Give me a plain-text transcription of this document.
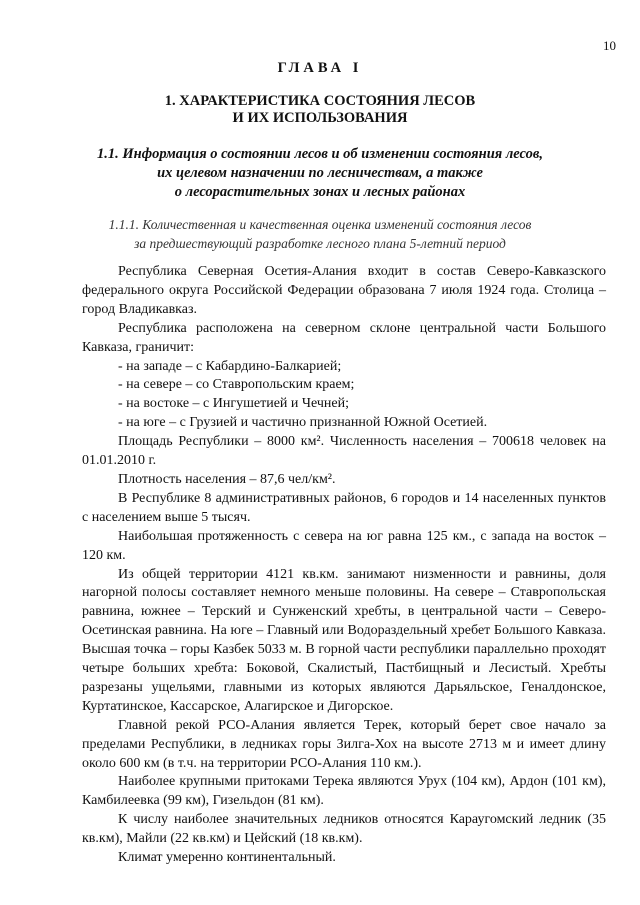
10
ГЛАВА I
1. ХАРАКТЕРИСТИКА СОСТОЯНИЯ ЛЕСОВ
И ИХ ИСПОЛЬЗОВАНИЯ
1.1. Информация о состоянии лесов и об изменении состояния лесов,
их целевом назначении по лесничествам, а также
о лесорастительных зонах и лесных районах
1.1.1. Количественная и качественная оценка изменений состояния лесов
за предшествующий разработке лесного плана 5-летний период

Республика Северная Осетия-Алания входит в состав Северо-Кавказского федерального округа Российской Федерации образована 7 июля 1924 года. Столица – город Владикавказ.

Республика расположена на северном склоне центральной части Большого Кавказа, граничит:

- на западе – с Кабардино-Балкарией;

- на севере – со Ставропольским краем;

- на востоке – с Ингушетией и Чечней;

- на юге – с Грузией и частично признанной Южной Осетией.

Площадь Республики – 8000 км². Численность населения – 700618 человек на 01.01.2010 г.

Плотность населения – 87,6 чел/км².

В Республике 8 административных районов, 6 городов и 14 населенных пунктов с населением выше 5 тысяч.

Наибольшая протяженность с севера на юг равна 125 км., с запада на восток – 120 км.

Из общей территории 4121 кв.км. занимают низменности и равнины, доля нагорной полосы составляет немного меньше половины. На севере – Ставропольская равнина, южнее – Терский и Сунженский хребты, в центральной части – Северо-Осетинская равнина. На юге – Главный или Водораздельный хребет Большого Кавказа. Высшая точка – горы Казбек 5033 м. В горной части республики параллельно проходят четыре больших хребта: Боковой, Скалистый, Пастбищный и Лесистый. Хребты разрезаны ущельями, главными из которых являются Дарьяльское, Геналдонское, Куртатинское, Кассарское, Алагирское и Дигорское.

Главной рекой РСО-Алания является Терек, который берет свое начало за пределами Республики, в ледниках горы Зилга-Хох на высоте 2713 м и имеет длину около 600 км (в т.ч. на территории РСО-Алания 110 км.).

Наиболее крупными притоками Терека являются Урух (104 км), Ардон (101 км), Камбилеевка (99 км), Гизельдон (81 км).

К числу наиболее значительных ледников относятся Караугомский ледник (35 кв.км), Майли (22 кв.км) и Цейский (18 кв.км).

Климат умеренно континентальный.
